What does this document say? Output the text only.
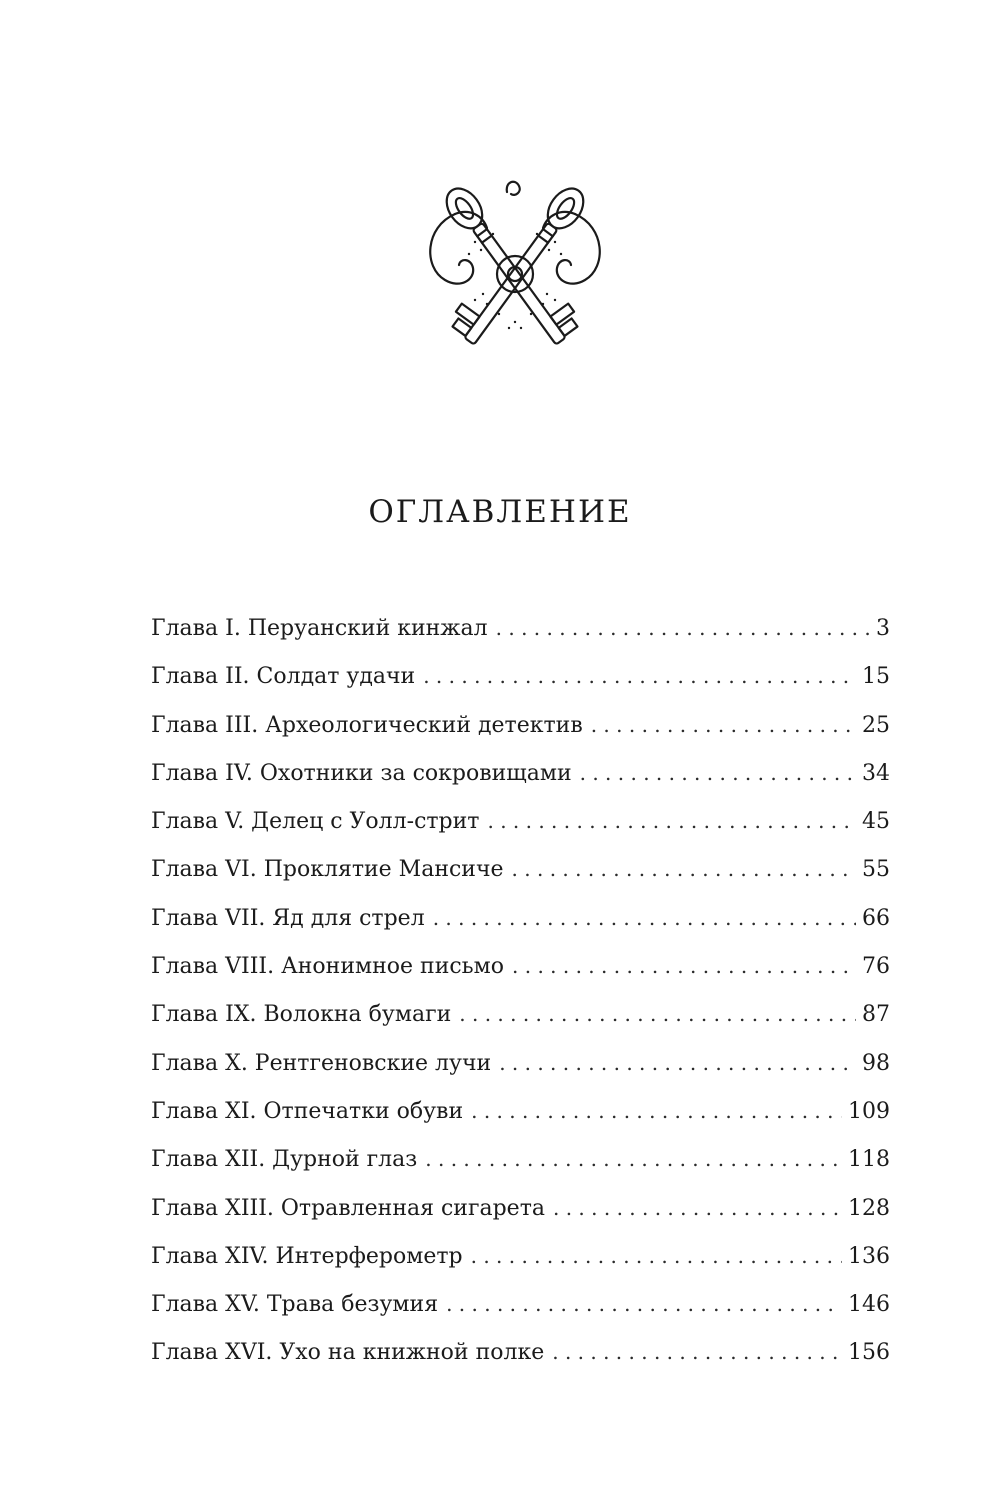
ОГЛАВЛЕНИЕ
Глава I. Перуанский кинжал . . .	3
Глава II. Солдат удачи . . .	15
Глава III. Археологический детектив . . .	25
Глава IV. Охотники за сокровищами . . .	34
Глава V. Делец с Уолл-стрит . . .	45
Глава VI. Проклятие Мансиче . . .	55
Глава VII. Яд для стрел . . .	66
Глава VIII. Анонимное письмо . . .	76
Глава IX. Волокна бумаги . . .	87
Глава X. Рентгеновские лучи . . .	98
Глава XI. Отпечатки обуви . . .	109
Глава XII. Дурной глаз . . .	118
Глава XIII. Отравленная сигарета . . .	128
Глава XIV. Интерферометр . . .	136
Глава XV. Трава безумия . . .	146
Глава XVI. Ухо на книжной полке . . .	156
